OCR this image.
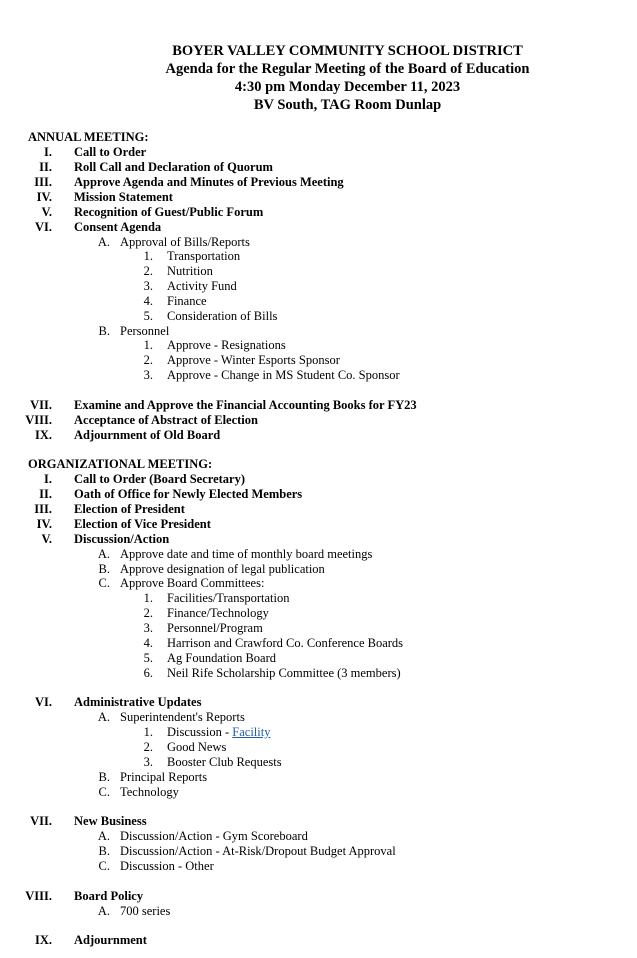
BOYER VALLEY COMMUNITY SCHOOL DISTRICT
Agenda for the Regular Meeting of the Board of Education
4:30 pm Monday December 11, 2023
BV South, TAG Room Dunlap
ANNUAL MEETING:
I. Call to Order
II. Roll Call and Declaration of Quorum
III. Approve Agenda and Minutes of Previous Meeting
IV. Mission Statement
V. Recognition of Guest/Public Forum
VI. Consent Agenda
A. Approval of Bills/Reports
1. Transportation
2. Nutrition
3. Activity Fund
4. Finance
5. Consideration of Bills
B. Personnel
1. Approve - Resignations
2. Approve - Winter Esports Sponsor
3. Approve - Change in MS Student Co. Sponsor
VII. Examine and Approve the Financial Accounting Books for FY23
VIII. Acceptance of Abstract of Election
IX. Adjournment of Old Board
ORGANIZATIONAL MEETING:
I. Call to Order (Board Secretary)
II. Oath of Office for Newly Elected Members
III. Election of President
IV. Election of Vice President
V. Discussion/Action
A. Approve date and time of monthly board meetings
B. Approve designation of legal publication
C. Approve Board Committees:
1. Facilities/Transportation
2. Finance/Technology
3. Personnel/Program
4. Harrison and Crawford Co. Conference Boards
5. Ag Foundation Board
6. Neil Rife Scholarship Committee (3 members)
VI. Administrative Updates
A. Superintendent's Reports
1. Discussion - Facility
2. Good News
3. Booster Club Requests
B. Principal Reports
C. Technology
VII. New Business
A. Discussion/Action - Gym Scoreboard
B. Discussion/Action - At-Risk/Dropout Budget Approval
C. Discussion - Other
VIII. Board Policy
A. 700 series
IX. Adjournment
